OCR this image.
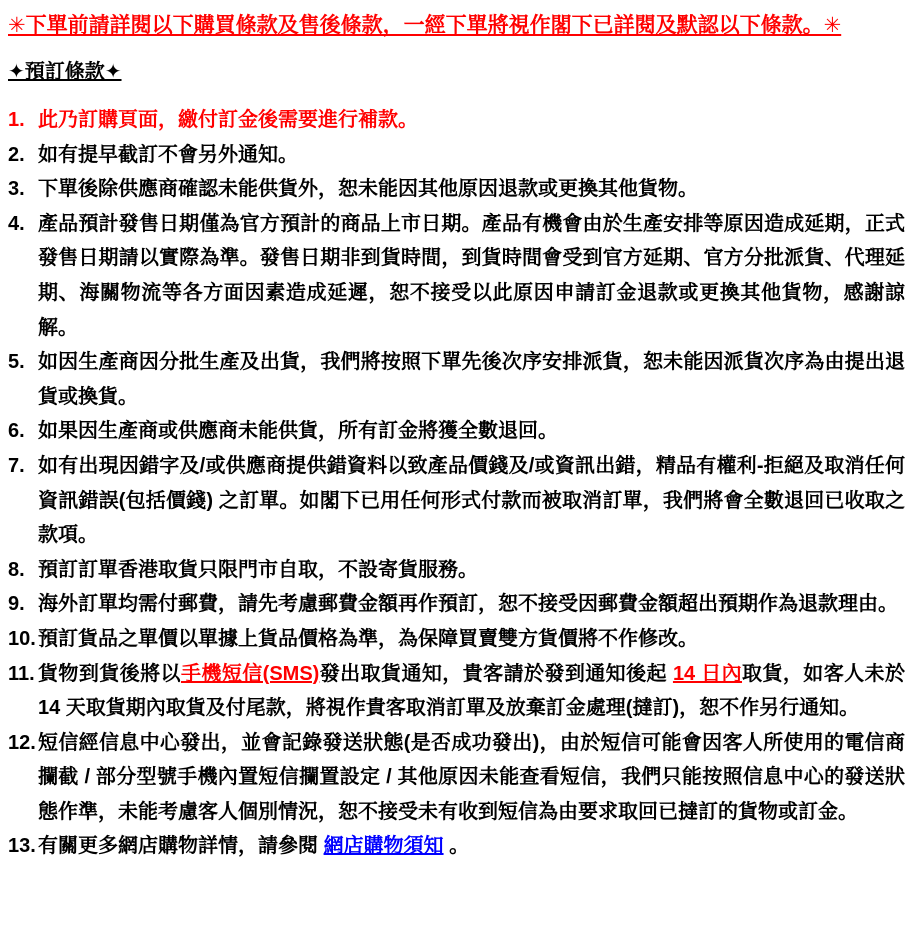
✳下單前請詳閱以下購買條款及售後條款，一經下單將視作閣下已詳閱及默認以下條款。✳
✦預訂條款✦
1. 此乃訂購頁面，繳付訂金後需要進行補款。
2. 如有提早截訂不會另外通知。
3. 下單後除供應商確認未能供貨外，恕未能因其他原因退款或更換其他貨物。
4. 產品預計發售日期僅為官方預計的商品上市日期。產品有機會由於生產安排等原因造成延期，正式發售日期請以實際為準。發售日期非到貨時間，到貨時間會受到官方延期、官方分批派貨、代理延期、海關物流等各方面因素造成延遲，恕不接受以此原因申請訂金退款或更換其他貨物，感謝諒解。
5. 如因生產商因分批生產及出貨，我們將按照下單先後次序安排派貨，恕未能因派貨次序為由提出退貨或換貨。
6. 如果因生產商或供應商未能供貨，所有訂金將獲全數退回。
7. 如有出現因錯字及/或供應商提供錯資料以致產品價錢及/或資訊出錯，精品有權利-拒絕及取消任何資訊錯誤(包括價錢) 之訂單。如閣下已用任何形式付款而被取消訂單，我們將會全數退回已收取之款項。
8. 預訂訂單香港取貨只限門市自取，不設寄貨服務。
9. 海外訂單均需付郵費，請先考慮郵費金額再作預訂，恕不接受因郵費金額超出預期作為退款理由。
10. 預訂貨品之單價以單據上貨品價格為準，為保障買賣雙方貨價將不作修改。
11. 貨物到貨後將以手機短信(SMS)發出取貨通知，貴客請於發到通知後起 14 日內取貨，如客人未於 14 天取貨期內取貨及付尾款，將視作貴客取消訂單及放棄訂金處理(撻訂)，恕不作另行通知。
12. 短信經信息中心發出，並會記錄發送狀態(是否成功發出)，由於短信可能會因客人所使用的電信商攔截 / 部分型號手機內置短信攔置設定 / 其他原因未能查看短信，我們只能按照信息中心的發送狀態作準，未能考慮客人個別情況，恕不接受未有收到短信為由要求取回已撻訂的貨物或訂金。
13. 有關更多網店購物詳情，請參閱 網店購物須知 。
